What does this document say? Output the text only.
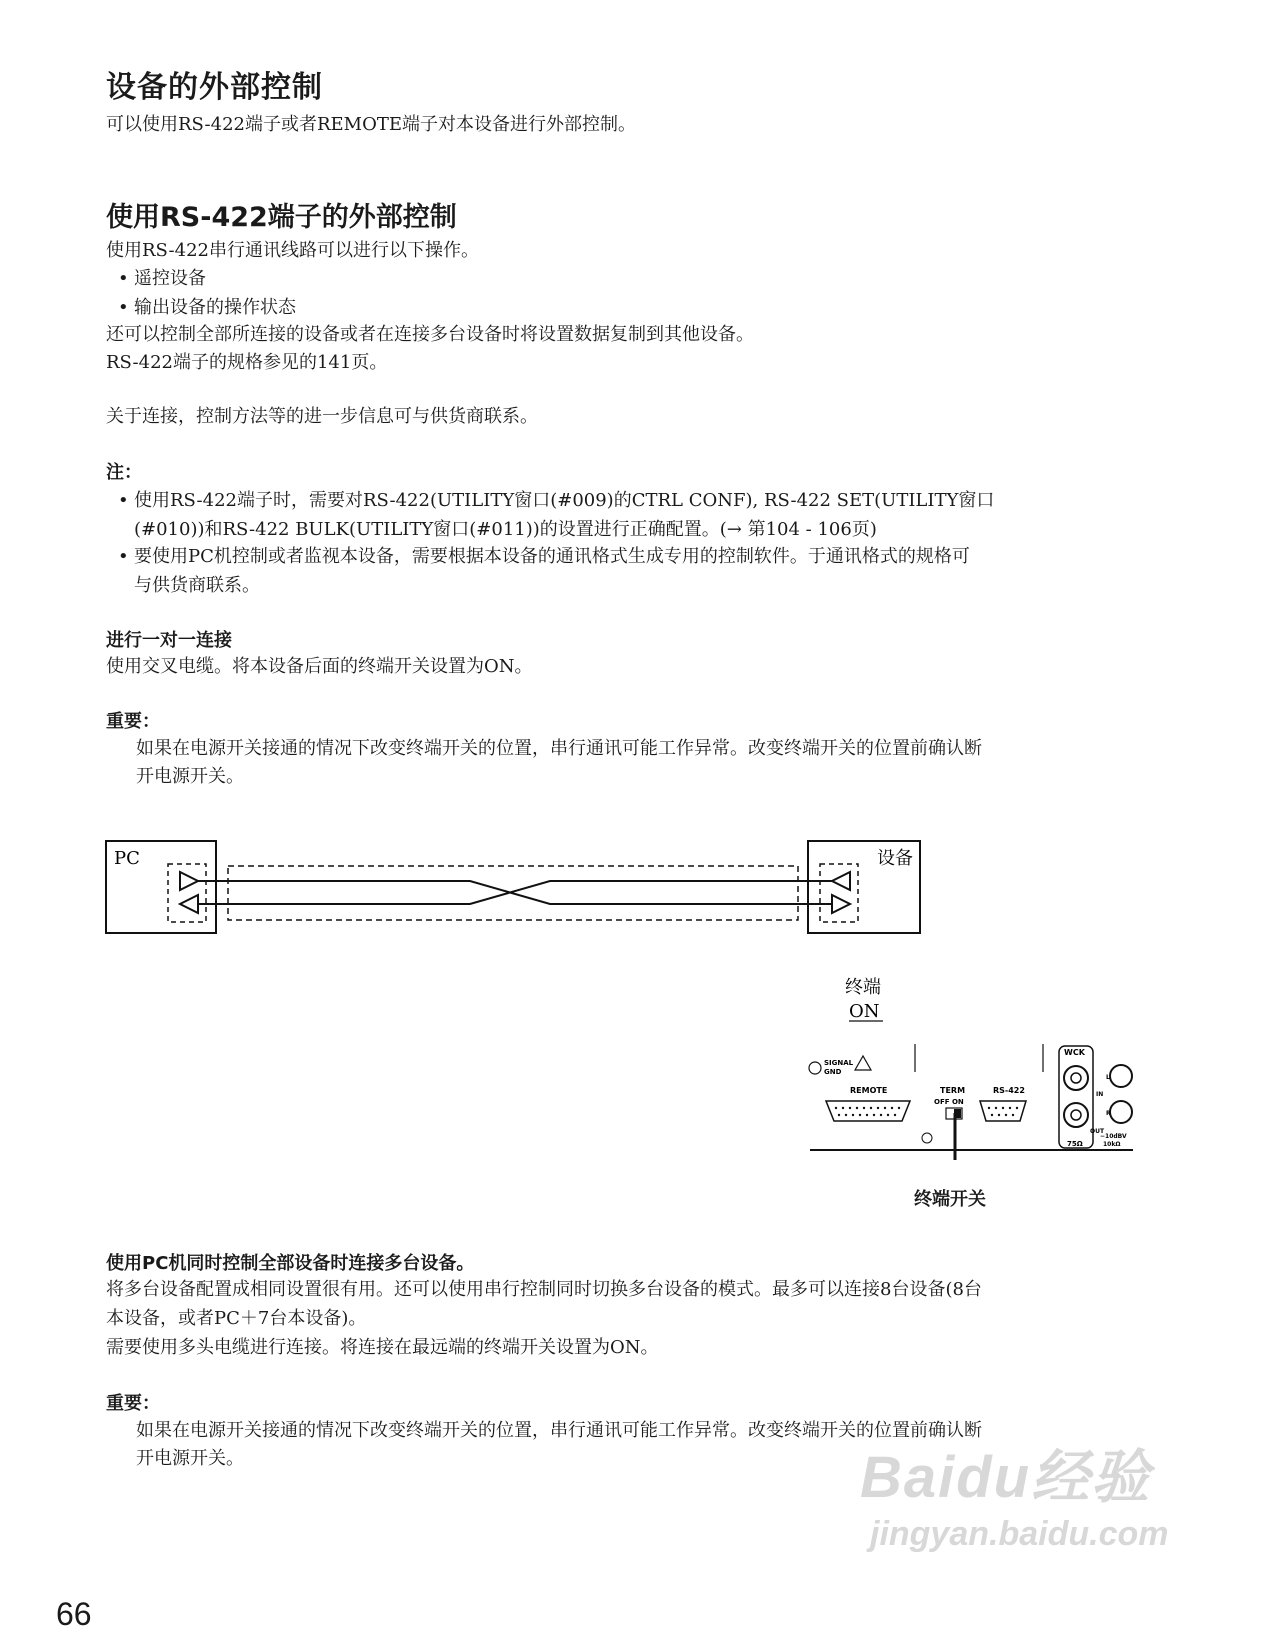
设备的外部控制
可以使用RS-422端子或者REMOTE端子对本设备进行外部控制。
使用RS-422端子的外部控制
使用RS-422串行通讯线路可以进行以下操作。
• 遥控设备
• 输出设备的操作状态
还可以控制全部所连接的设备或者在连接多台设备时将设置数据复制到其他设备。
RS-422端子的规格参见的141页。
关于连接，控制方法等的进一步信息可与供货商联系。
注：
• 使用RS-422端子时，需要对RS-422(UTILITY窗口(#009)的CTRL CONF), RS-422 SET(UTILITY窗口
(#010))和RS-422 BULK(UTILITY窗口(#011))的设置进行正确配置。(→ 第104 - 106页)
• 要使用PC机控制或者监视本设备，需要根据本设备的通讯格式生成专用的控制软件。于通讯格式的规格可
与供货商联系。
进行一对一连接
使用交叉电缆。将本设备后面的终端开关设置为ON。
重要：
如果在电源开关接通的情况下改变终端开关的位置，串行通讯可能工作异常。改变终端开关的位置前确认断
开电源开关。
PC	设备
终端
ON
SIGNAL
GND
REMOTE	TERM
OFF ON
RS-422
WCK
IN
OUT
75Ω
L
R
−10dBV
10kΩ
终端开关
使用PC机同时控制全部设备时连接多台设备。
将多台设备配置成相同设置很有用。还可以使用串行控制同时切换多台设备的模式。最多可以连接8台设备(8台
本设备，或者PC＋7台本设备)。
需要使用多头电缆进行连接。将连接在最远端的终端开关设置为ON。
重要：
如果在电源开关接通的情况下改变终端开关的位置，串行通讯可能工作异常。改变终端开关的位置前确认断
开电源开关。	Baidu经验
jingyan.baidu.com
66
